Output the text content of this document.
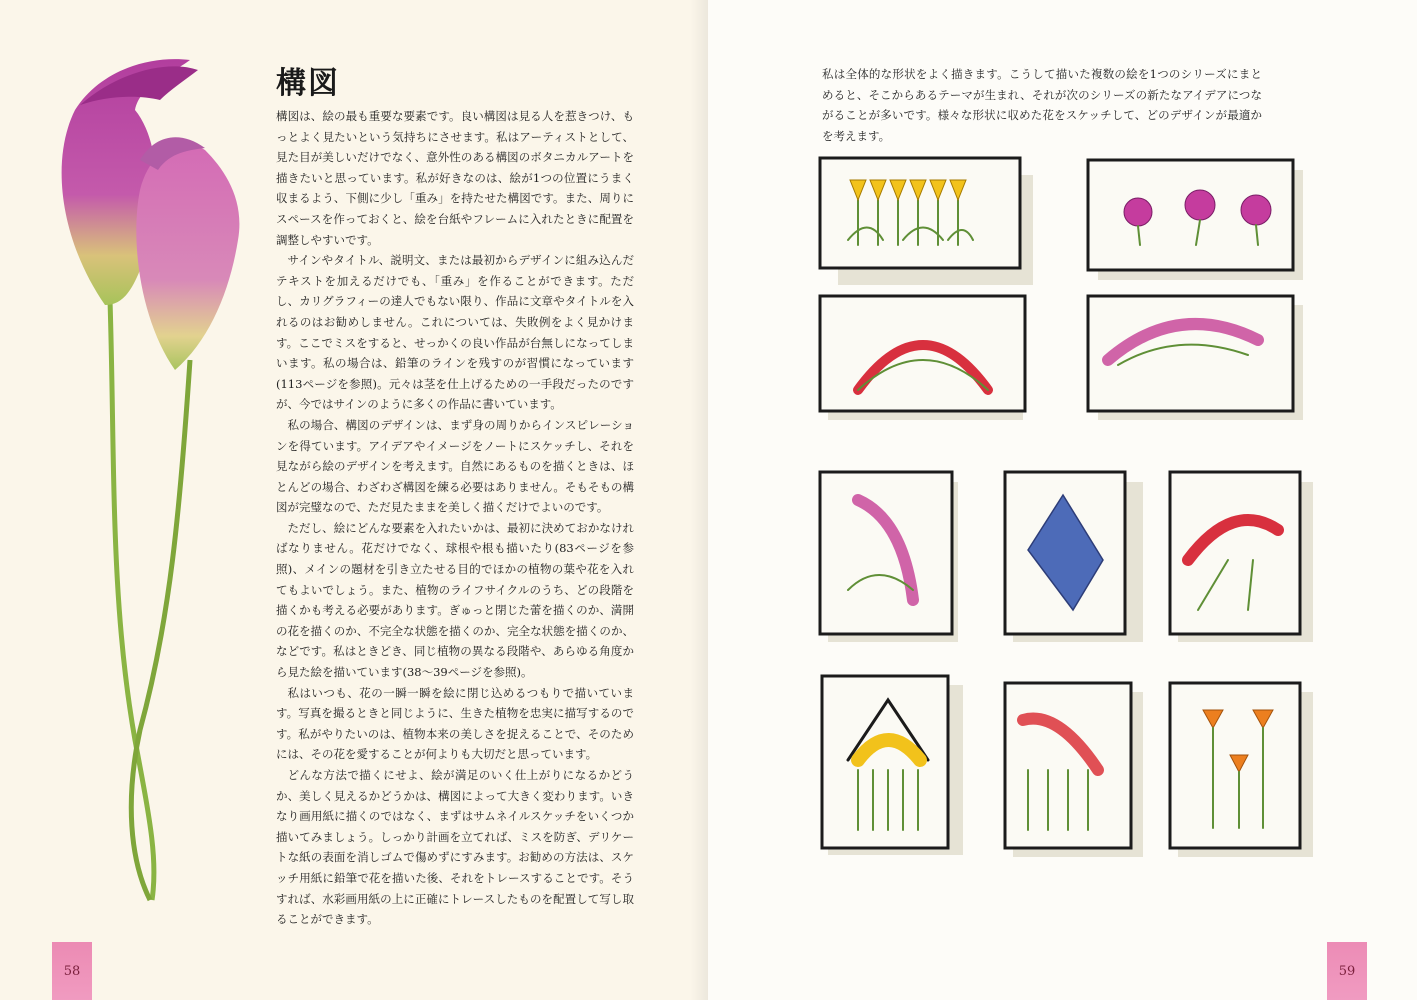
構図

構図は、絵の最も重要な要素です。良い構図は見る人を惹きつけ、もっとよく見たいという気持ちにさせます。私はアーティストとして、見た目が美しいだけでなく、意外性のある構図のボタニカルアートを描きたいと思っています。私が好きなのは、絵が1つの位置にうまく収まるよう、下側に少し「重み」を持たせた構図です。また、周りにスペースを作っておくと、絵を台紙やフレームに入れたときに配置を調整しやすいです。

サインやタイトル、説明文、または最初からデザインに組み込んだテキストを加えるだけでも、「重み」を作ることができます。ただし、カリグラフィーの達人でもない限り、作品に文章やタイトルを入れるのはお勧めしません。これについては、失敗例をよく見かけます。ここでミスをすると、せっかくの良い作品が台無しになってしまいます。私の場合は、鉛筆のラインを残すのが習慣になっています(113ページを参照)。元々は茎を仕上げるための一手段だったのですが、今ではサインのように多くの作品に書いています。

私の場合、構図のデザインは、まず身の周りからインスピレーションを得ています。アイデアやイメージをノートにスケッチし、それを見ながら絵のデザインを考えます。自然にあるものを描くときは、ほとんどの場合、わざわざ構図を練る必要はありません。そもそもの構図が完璧なので、ただ見たままを美しく描くだけでよいのです。

ただし、絵にどんな要素を入れたいかは、最初に決めておかなければなりません。花だけでなく、球根や根も描いたり(83ページを参照)、メインの題材を引き立たせる目的でほかの植物の葉や花を入れてもよいでしょう。また、植物のライフサイクルのうち、どの段階を描くかも考える必要があります。ぎゅっと閉じた蕾を描くのか、満開の花を描くのか、不完全な状態を描くのか、完全な状態を描くのか、などです。私はときどき、同じ植物の異なる段階や、あらゆる角度から見た絵を描いています(38〜39ページを参照)。

私はいつも、花の一瞬一瞬を絵に閉じ込めるつもりで描いています。写真を撮るときと同じように、生きた植物を忠実に描写するのです。私がやりたいのは、植物本来の美しさを捉えることで、そのためには、その花を愛することが何よりも大切だと思っています。

どんな方法で描くにせよ、絵が満足のいく仕上がりになるかどうか、美しく見えるかどうかは、構図によって大きく変わります。いきなり画用紙に描くのではなく、まずはサムネイルスケッチをいくつか描いてみましょう。しっかり計画を立てれば、ミスを防ぎ、デリケートな紙の表面を消しゴムで傷めずにすみます。お勧めの方法は、スケッチ用紙に鉛筆で花を描いた後、それをトレースすることです。そうすれば、水彩画用紙の上に正確にトレースしたものを配置して写し取ることができます。

58

私は全体的な形状をよく描きます。こうして描いた複数の絵を1つのシリーズにまとめると、そこからあるテーマが生まれ、それが次のシリーズの新たなアイデアにつながることが多いです。様々な形状に収めた花をスケッチして、どのデザインが最適かを考えます。

59
